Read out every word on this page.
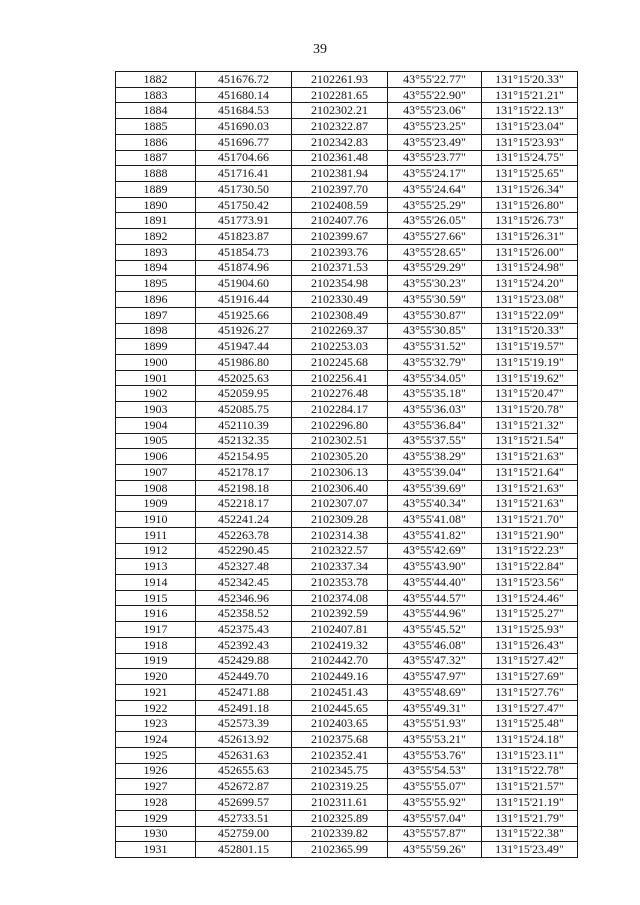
39
1882	451676.72	2102261.93	43°55'22.77"	131°15'20.33"
1883	451680.14	2102281.65	43°55'22.90"	131°15'21.21"
1884	451684.53	2102302.21	43°55'23.06"	131°15'22.13"
1885	451690.03	2102322.87	43°55'23.25"	131°15'23.04"
1886	451696.77	2102342.83	43°55'23.49"	131°15'23.93"
1887	451704.66	2102361.48	43°55'23.77"	131°15'24.75"
1888	451716.41	2102381.94	43°55'24.17"	131°15'25.65"
1889	451730.50	2102397.70	43°55'24.64"	131°15'26.34"
1890	451750.42	2102408.59	43°55'25.29"	131°15'26.80"
1891	451773.91	2102407.76	43°55'26.05"	131°15'26.73"
1892	451823.87	2102399.67	43°55'27.66"	131°15'26.31"
1893	451854.73	2102393.76	43°55'28.65"	131°15'26.00"
1894	451874.96	2102371.53	43°55'29.29"	131°15'24.98"
1895	451904.60	2102354.98	43°55'30.23"	131°15'24.20"
1896	451916.44	2102330.49	43°55'30.59"	131°15'23.08"
1897	451925.66	2102308.49	43°55'30.87"	131°15'22.09"
1898	451926.27	2102269.37	43°55'30.85"	131°15'20.33"
1899	451947.44	2102253.03	43°55'31.52"	131°15'19.57"
1900	451986.80	2102245.68	43°55'32.79"	131°15'19.19"
1901	452025.63	2102256.41	43°55'34.05"	131°15'19.62"
1902	452059.95	2102276.48	43°55'35.18"	131°15'20.47"
1903	452085.75	2102284.17	43°55'36.03"	131°15'20.78"
1904	452110.39	2102296.80	43°55'36.84"	131°15'21.32"
1905	452132.35	2102302.51	43°55'37.55"	131°15'21.54"
1906	452154.95	2102305.20	43°55'38.29"	131°15'21.63"
1907	452178.17	2102306.13	43°55'39.04"	131°15'21.64"
1908	452198.18	2102306.40	43°55'39.69"	131°15'21.63"
1909	452218.17	2102307.07	43°55'40.34"	131°15'21.63"
1910	452241.24	2102309.28	43°55'41.08"	131°15'21.70"
1911	452263.78	2102314.38	43°55'41.82"	131°15'21.90"
1912	452290.45	2102322.57	43°55'42.69"	131°15'22.23"
1913	452327.48	2102337.34	43°55'43.90"	131°15'22.84"
1914	452342.45	2102353.78	43°55'44.40"	131°15'23.56"
1915	452346.96	2102374.08	43°55'44.57"	131°15'24.46"
1916	452358.52	2102392.59	43°55'44.96"	131°15'25.27"
1917	452375.43	2102407.81	43°55'45.52"	131°15'25.93"
1918	452392.43	2102419.32	43°55'46.08"	131°15'26.43"
1919	452429.88	2102442.70	43°55'47.32"	131°15'27.42"
1920	452449.70	2102449.16	43°55'47.97"	131°15'27.69"
1921	452471.88	2102451.43	43°55'48.69"	131°15'27.76"
1922	452491.18	2102445.65	43°55'49.31"	131°15'27.47"
1923	452573.39	2102403.65	43°55'51.93"	131°15'25.48"
1924	452613.92	2102375.68	43°55'53.21"	131°15'24.18"
1925	452631.63	2102352.41	43°55'53.76"	131°15'23.11"
1926	452655.63	2102345.75	43°55'54.53"	131°15'22.78"
1927	452672.87	2102319.25	43°55'55.07"	131°15'21.57"
1928	452699.57	2102311.61	43°55'55.92"	131°15'21.19"
1929	452733.51	2102325.89	43°55'57.04"	131°15'21.79"
1930	452759.00	2102339.82	43°55'57.87"	131°15'22.38"
1931	452801.15	2102365.99	43°55'59.26"	131°15'23.49"
